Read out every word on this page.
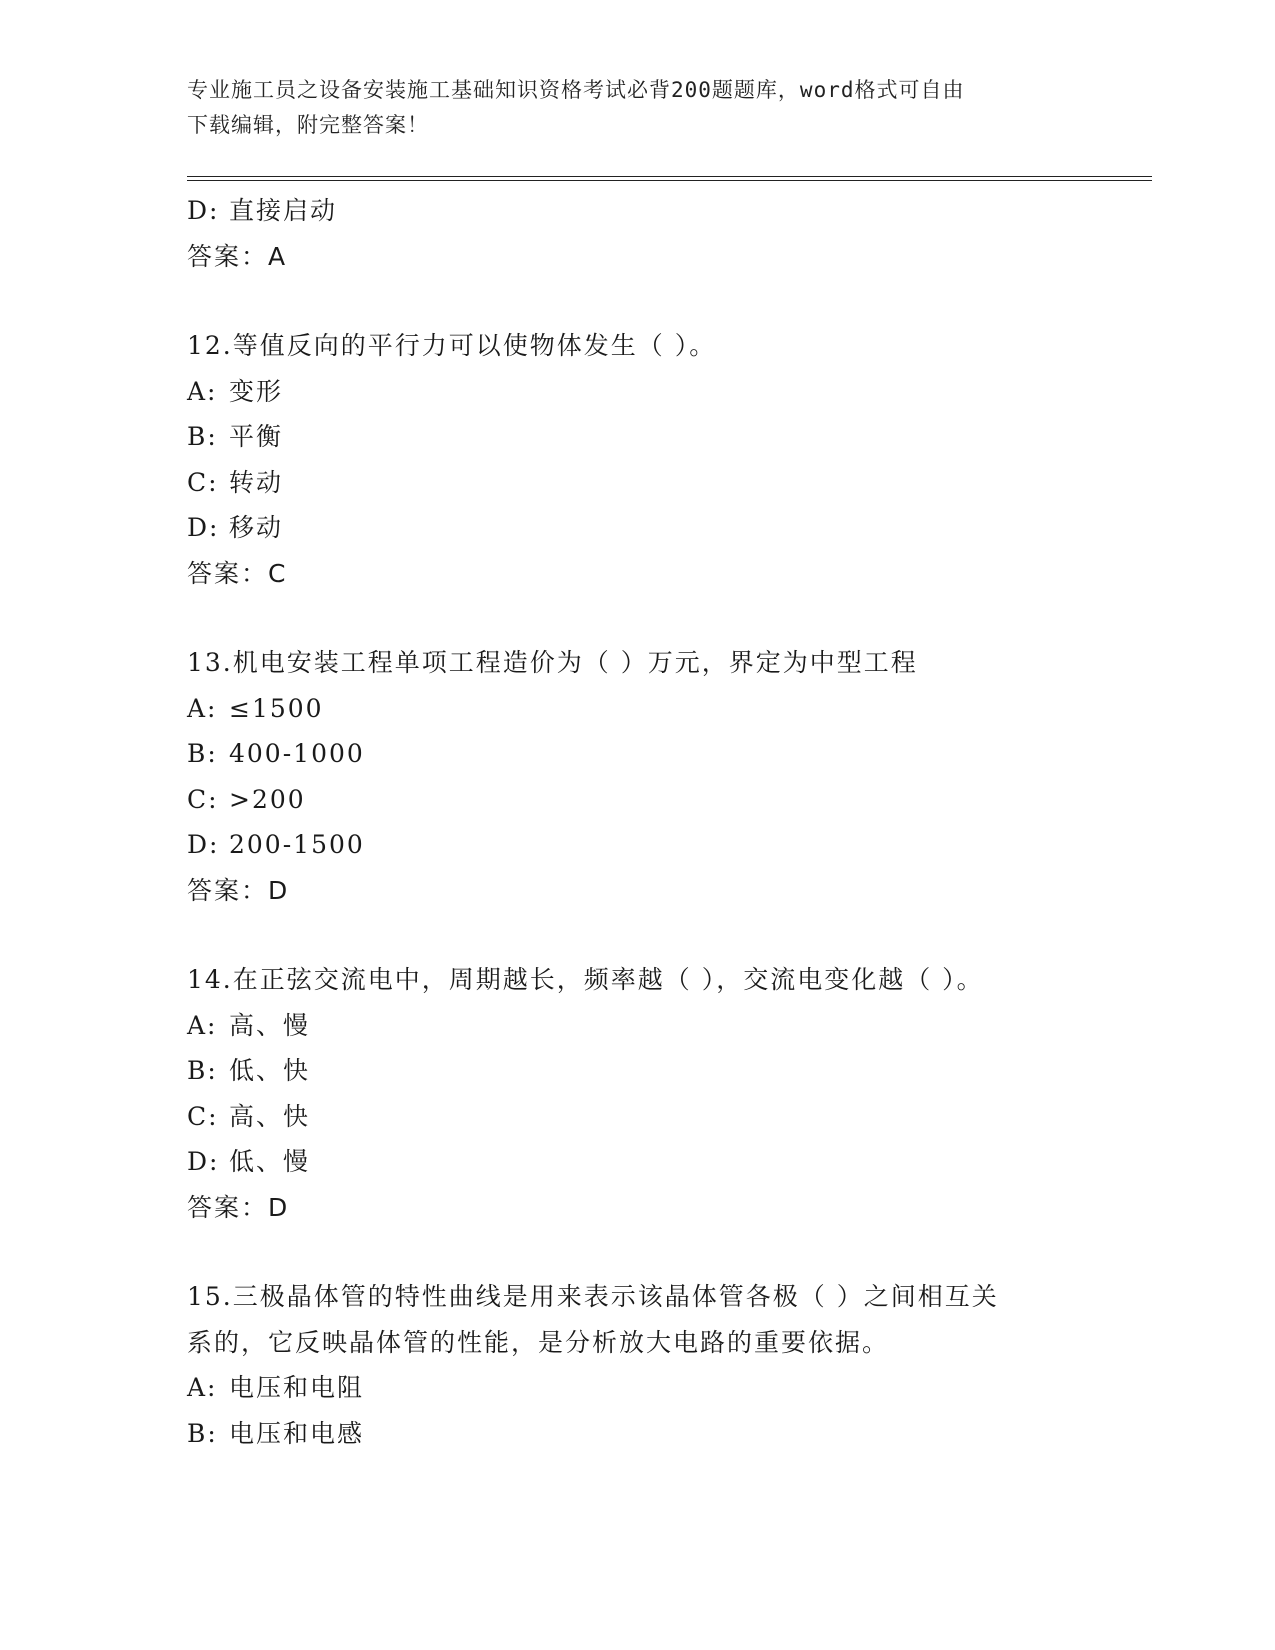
专业施工员之设备安装施工基础知识资格考试必背200题题库，word格式可自由
下载编辑，附完整答案！
D: 直接启动
答案：A
12.等值反向的平行力可以使物体发生（ ）。
A: 变形
B: 平衡
C: 转动
D: 移动
答案：C
13.机电安装工程单项工程造价为（ ）万元，界定为中型工程
A: ≤1500
B: 400-1000
C: >200
D: 200-1500
答案：D
14.在正弦交流电中，周期越长，频率越（ ），交流电变化越（ ）。
A: 高、慢
B: 低、快
C: 高、快
D: 低、慢
答案：D
15.三极晶体管的特性曲线是用来表示该晶体管各极（ ）之间相互关
系的，它反映晶体管的性能，是分析放大电路的重要依据。
A: 电压和电阻
B: 电压和电感
